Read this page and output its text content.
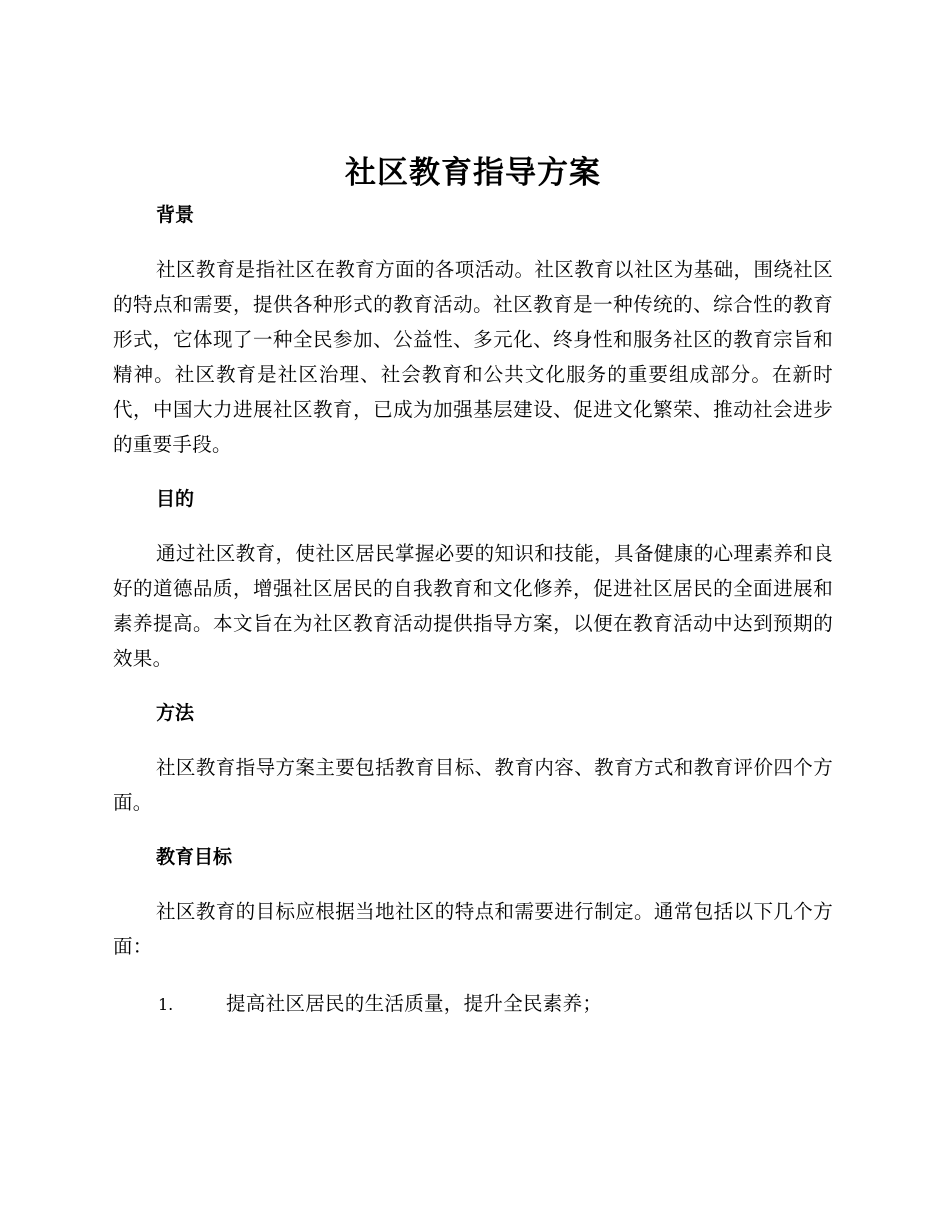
社区教育指导方案
背景

社区教育是指社区在教育方面的各项活动。社区教育以社区为基础，围绕社区的特点和需要，提供各种形式的教育活动。社区教育是一种传统的、综合性的教育形式，它体现了一种全民参加、公益性、多元化、终身性和服务社区的教育宗旨和精神。社区教育是社区治理、社会教育和公共文化服务的重要组成部分。在新时代，中国大力进展社区教育，已成为加强基层建设、促进文化繁荣、推动社会进步的重要手段。

目的

通过社区教育，使社区居民掌握必要的知识和技能，具备健康的心理素养和良好的道德品质，增强社区居民的自我教育和文化修养，促进社区居民的全面进展和素养提高。本文旨在为社区教育活动提供指导方案，以便在教育活动中达到预期的效果。

方法

社区教育指导方案主要包括教育目标、教育内容、教育方式和教育评价四个方面。

教育目标

社区教育的目标应根据当地社区的特点和需要进行制定。通常包括以下几个方面：

1.	提高社区居民的生活质量，提升全民素养；
